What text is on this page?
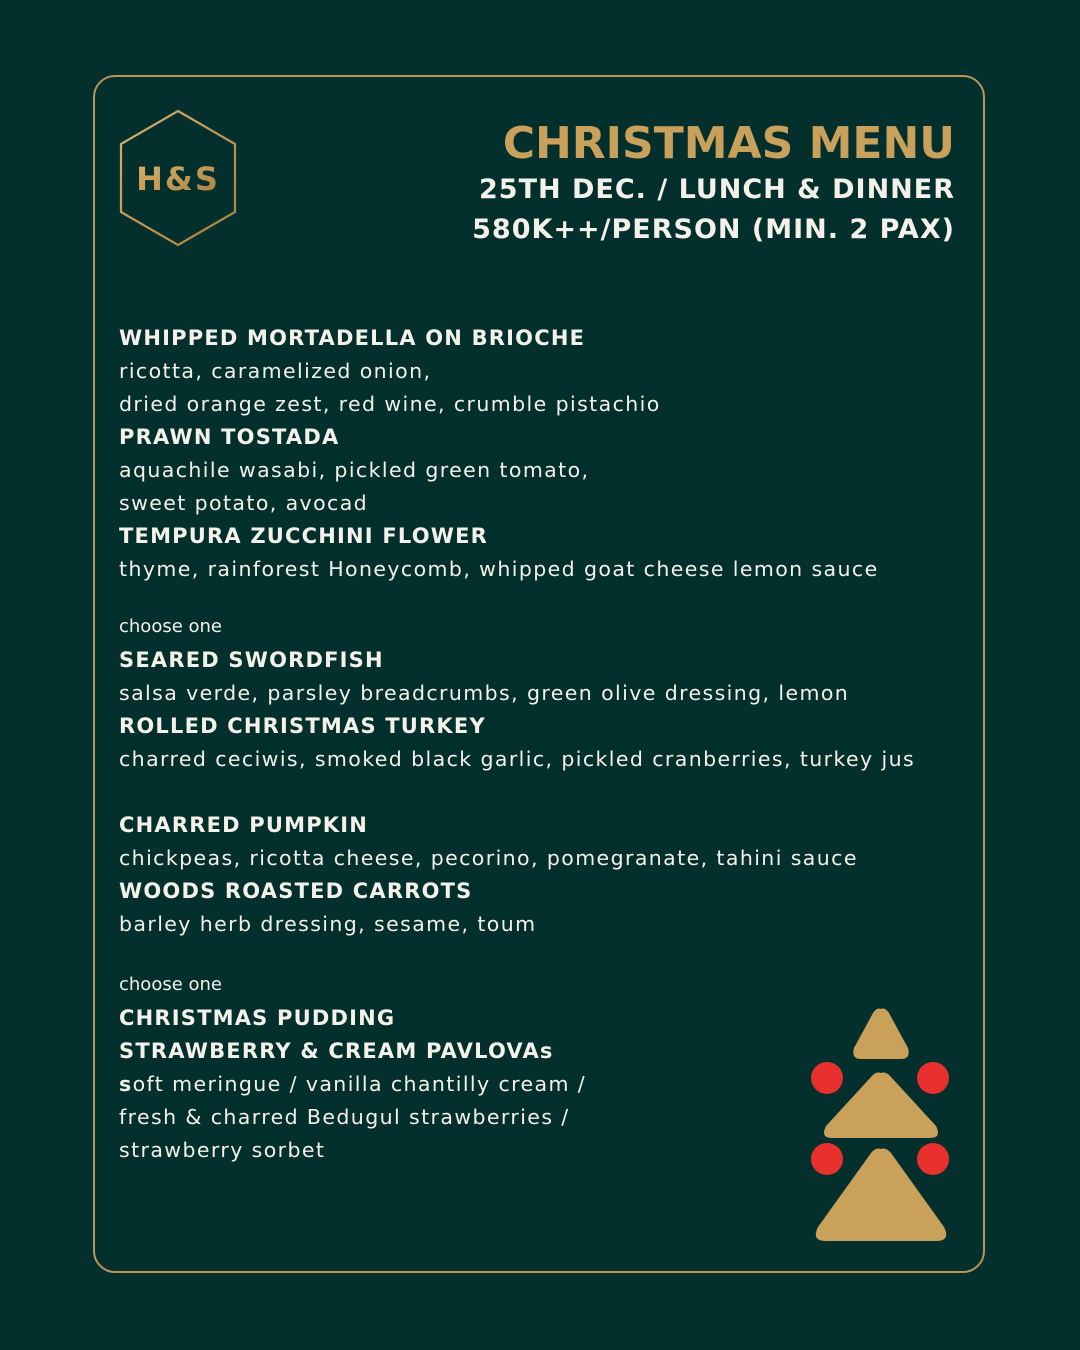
H&S
CHRISTMAS MENU
25TH DEC. / LUNCH & DINNER
580K++/PERSON (MIN. 2 PAX)
WHIPPED MORTADELLA ON BRIOCHE
ricotta, caramelized onion,
dried orange zest, red wine, crumble pistachio
PRAWN TOSTADA
aquachile wasabi, pickled green tomato,
sweet potato, avocad
TEMPURA ZUCCHINI FLOWER
thyme, rainforest Honeycomb, whipped goat cheese lemon sauce
choose one
SEARED SWORDFISH
salsa verde, parsley breadcrumbs, green olive dressing, lemon
ROLLED CHRISTMAS TURKEY
charred ceciwis, smoked black garlic, pickled cranberries, turkey jus
CHARRED PUMPKIN
chickpeas, ricotta cheese, pecorino, pomegranate, tahini sauce
WOODS ROASTED CARROTS
barley herb dressing, sesame, toum
choose one
CHRISTMAS PUDDING
STRAWBERRY & CREAM PAVLOVAs
soft meringue / vanilla chantilly cream /
fresh & charred Bedugul strawberries /
strawberry sorbet
